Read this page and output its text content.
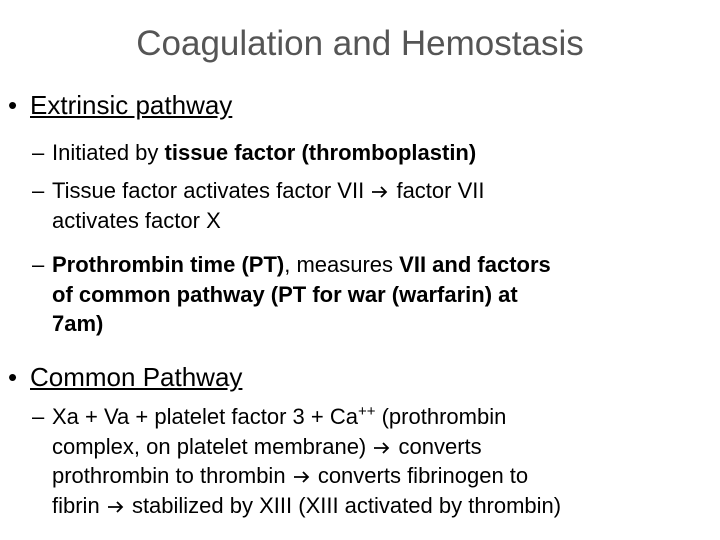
Coagulation and Hemostasis
• Extrinsic pathway
– Initiated by tissue factor (thromboplastin)
– Tissue factor activates factor VII factor VII
activates factor X
– Prothrombin time (PT), measures VII and factors
of common pathway (PT for war (warfarin) at
7am)
• Common Pathway
– Xa + Va + platelet factor 3 + Ca++ (prothrombin
complex, on platelet membrane) converts
prothrombin to thrombin converts fibrinogen to
fibrin stabilized by XIII (XIII activated by thrombin)
